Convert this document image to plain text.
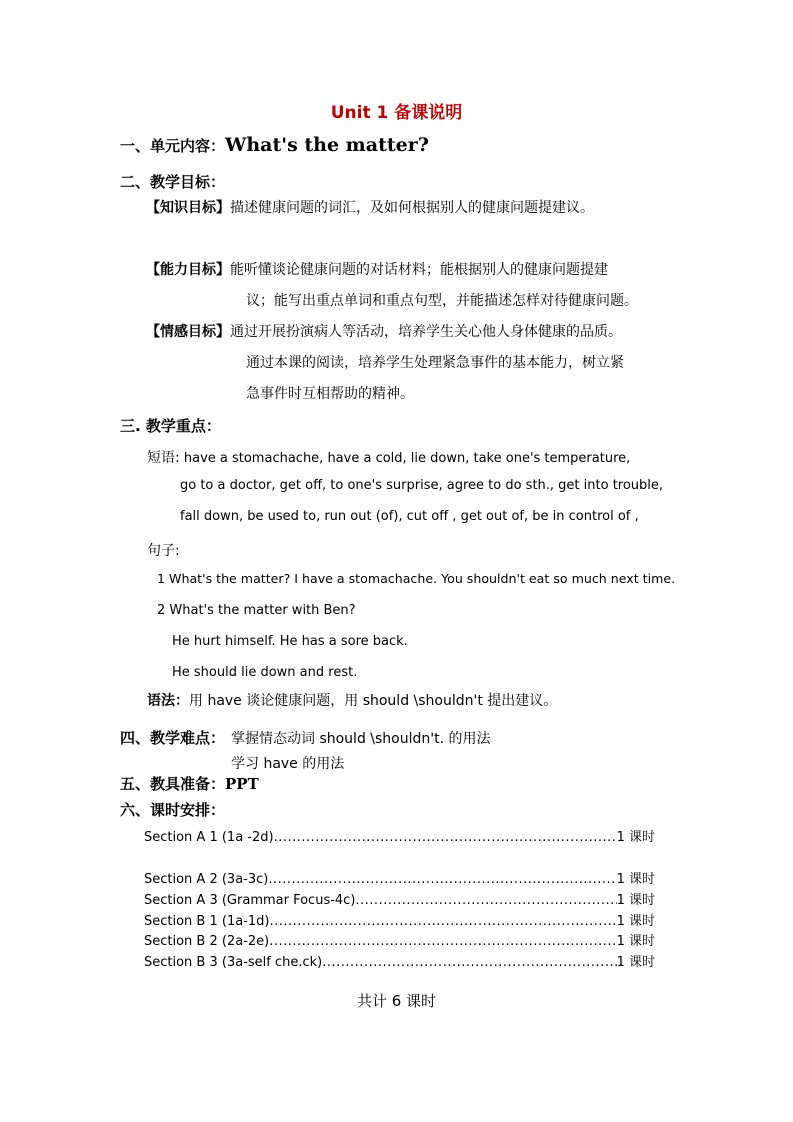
Unit 1 备课说明
一、单元内容：What's the matter?
二、教学目标：
【知识目标】描述健康问题的词汇，及如何根据别人的健康问题提建议。
【能力目标】能听懂谈论健康问题的对话材料；能根据别人的健康问题提建
议；能写出重点单词和重点句型，并能描述怎样对待健康问题。
【情感目标】通过开展扮演病人等活动，培养学生关心他人身体健康的品质。
通过本课的阅读，培养学生处理紧急事件的基本能力，树立紧
急事件时互相帮助的精神。
三. 教学重点：
短语: have a stomachache, have a cold, lie down, take one's temperature,
go to a doctor, get off, to one's surprise, agree to do sth., get into trouble,
fall down, be used to, run out (of), cut off , get out of, be in control of ,
句子:
1 What's the matter? I have a stomachache. You shouldn't eat so much next time.
2 What's the matter with Ben?
He hurt himself. He has a sore back.
He should lie down and rest.
语法：用 have 谈论健康问题，用 should \shouldn't 提出建议。
四、教学难点： 掌握情态动词 should \shouldn't. 的用法
学习 have 的用法
五、教具准备：PPT
六、课时安排：
Section A 1 (1a -2d) .....	1 课时
Section A 2 (3a-3c) .....	1 课时
Section A 3 (Grammar Focus-4c) .....	1 课时
Section B 1 (1a-1d) .....	1 课时
Section B 2 (2a-2e) .....	1 课时
Section B 3 (3a-self che.ck) .....	1 课时
共计 6 课时
